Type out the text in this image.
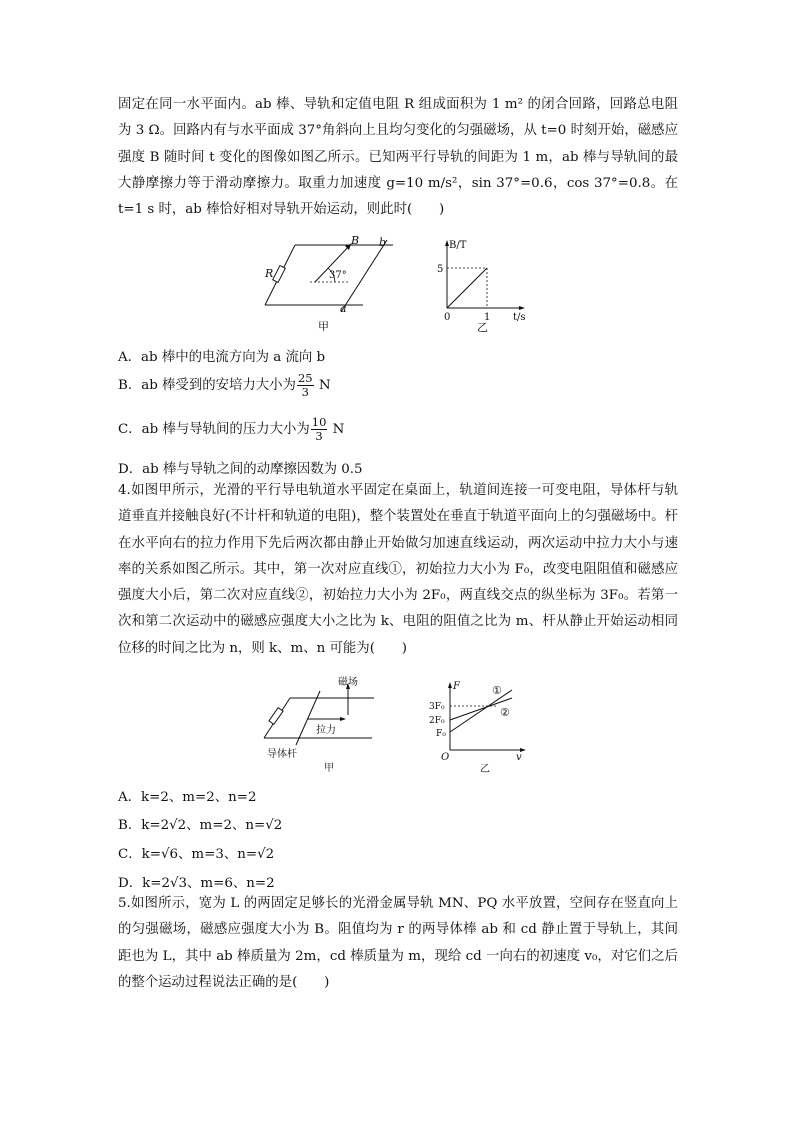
固定在同一水平面内。ab 棒、导轨和定值电阻 R 组成面积为 1 m² 的闭合回路，回路总电阻为 3 Ω。回路内有与水平面成 37°角斜向上且均匀变化的匀强磁场，从 t=0 时刻开始，磁感应强度 B 随时间 t 变化的图像如图乙所示。已知两平行导轨的间距为 1 m，ab 棒与导轨间的最大静摩擦力等于滑动摩擦力。取重力加速度 g=10 m/s²，sin 37°=0.6，cos 37°=0.8。在 t=1 s 时，ab 棒恰好相对导轨开始运动，则此时(　　)

B b
R	37°
a
甲
B/T
5
0	1 t/s
乙

A．ab 棒中的电流方向为 a 流向 b

B．ab 棒受到的安培力大小为 $\frac{25}{3}$ N

C．ab 棒与导轨间的压力大小为 $\frac{10}{3}$ N

D．ab 棒与导轨之间的动摩擦因数为 0.5

4.如图甲所示，光滑的平行导电轨道水平固定在桌面上，轨道间连接一可变电阻，导体杆与轨道垂直并接触良好(不计杆和轨道的电阻)，整个装置处在垂直于轨道平面向上的匀强磁场中。杆在水平向右的拉力作用下先后两次都由静止开始做匀加速直线运动，两次运动中拉力大小与速率的关系如图乙所示。其中，第一次对应直线①，初始拉力大小为 F₀，改变电阻阻值和磁感应强度大小后，第二次对应直线②，初始拉力大小为 2F₀，两直线交点的纵坐标为 3F₀。若第一次和第二次运动中的磁感应强度大小之比为 k、电阻的阻值之比为 m、杆从静止开始运动相同位移的时间之比为 n，则 k、m、n 可能为(　　)

磁场
拉力
导体杆
甲
F	①
②
3F₀
2F₀
F₀
O	v
乙

A．k=2、m=2、n=2

B．k=2√2、m=2、n=√2

C．k=√6、m=3、n=√2

D．k=2√3、m=6、n=2

5.如图所示，宽为 L 的两固定足够长的光滑金属导轨 MN、PQ 水平放置，空间存在竖直向上的匀强磁场，磁感应强度大小为 B。阻值均为 r 的两导体棒 ab 和 cd 静止置于导轨上，其间距也为 L，其中 ab 棒质量为 2m，cd 棒质量为 m，现给 cd 一向右的初速度 v₀，对它们之后的整个运动过程说法正确的是(　　)
